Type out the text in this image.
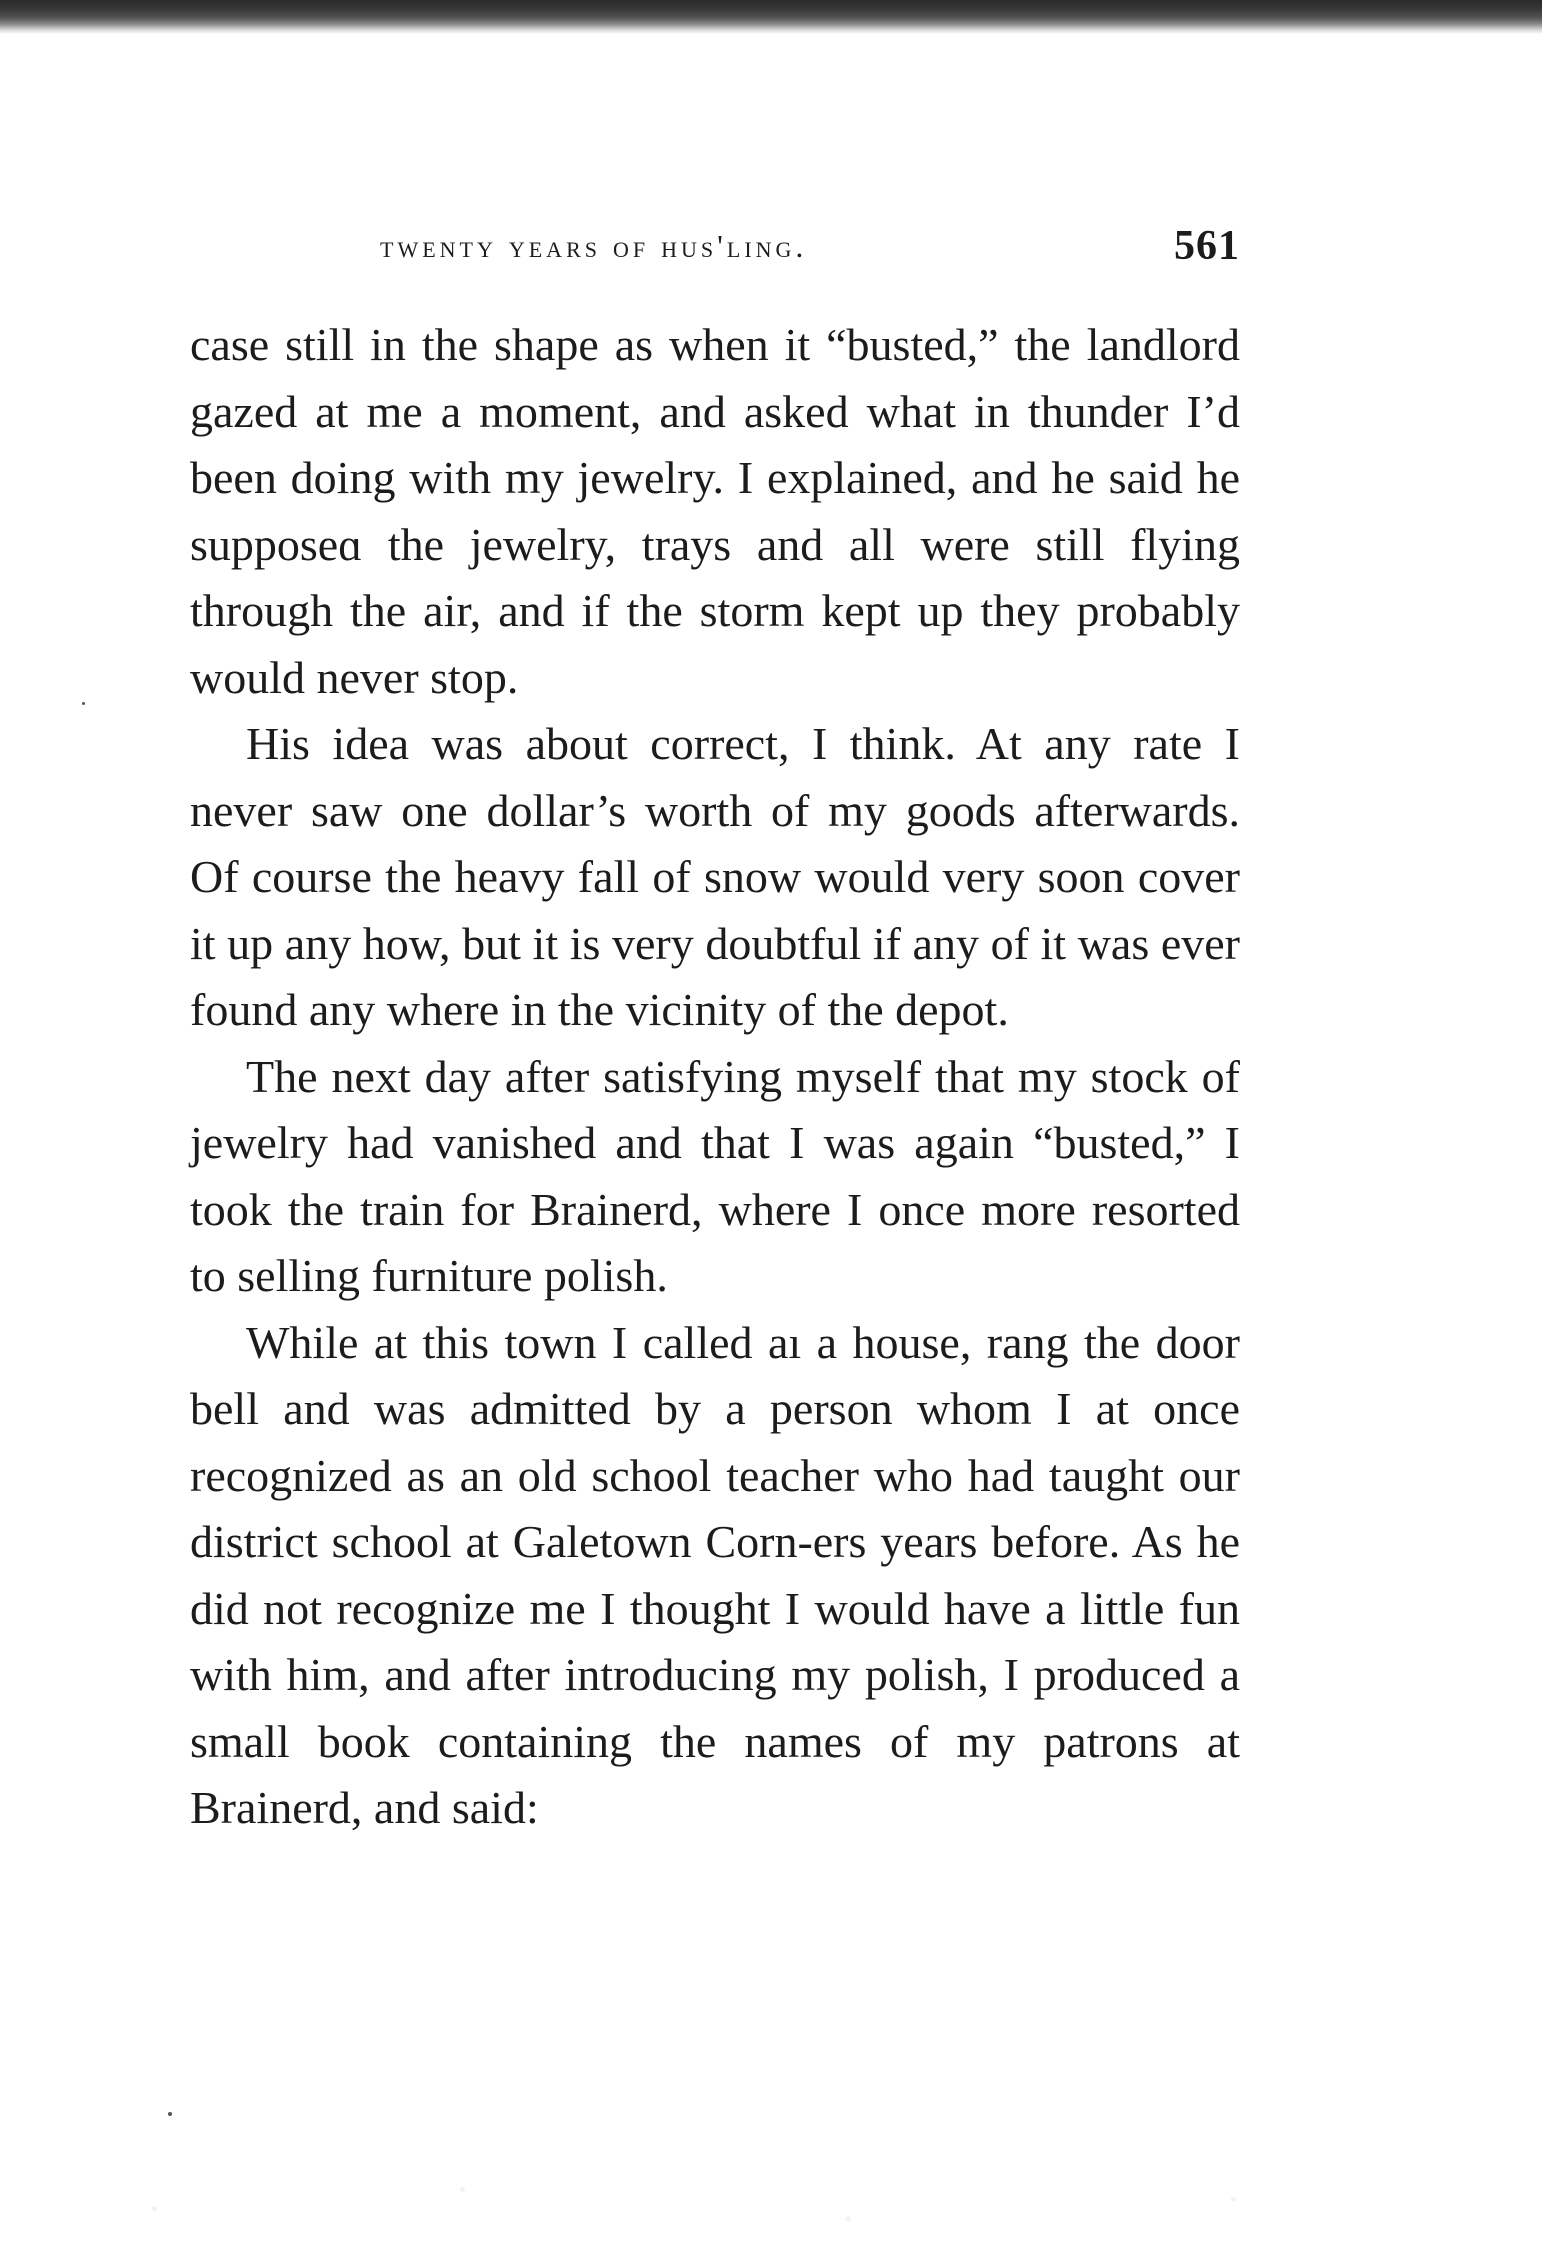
twenty years of hus'ling.	561

case still in the shape as when it “busted,” the landlord gazed at me a moment, and asked what in thunder I’d been doing with my jewelry. I explained, and he said he supposeɑ the jewelry, trays and all were still flying through the air, and if the storm kept up they probably would never stop.

His idea was about correct, I think. At any rate I never saw one dollar’s worth of my goods afterwards. Of course the heavy fall of snow would very soon cover it up any how, but it is very doubtful if any of it was ever found any where in the vicinity of the depot.

The next day after satisfying myself that my stock of jewelry had vanished and that I was again “busted,” I took the train for Brainerd, where I once more resorted to selling furniture polish.

While at this town I called aı a house, rang the door bell and was admitted by a person whom I at once recognized as an old school teacher who had taught our district school at Galetown Corn-ers years before. As he did not recognize me I thought I would have a little fun with him, and after introducing my polish, I produced a small book containing the names of my patrons at Brainerd, and said:
